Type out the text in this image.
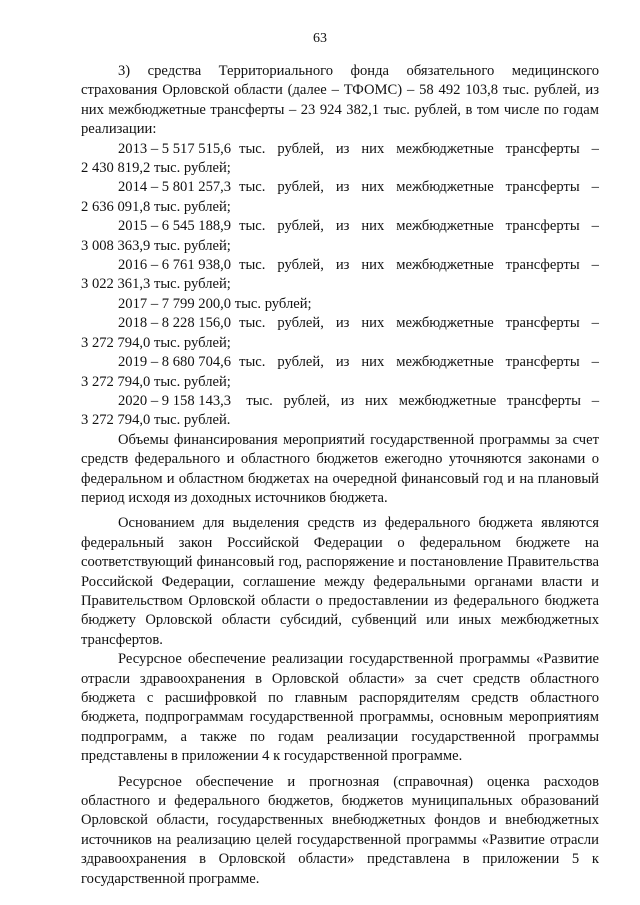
63

3) средства Территориального фонда обязательного медицинского страхования Орловской области (далее – ТФОМС) – 58 492 103,8 тыс. рублей, из них межбюджетные трансферты – 23 924 382,1 тыс. рублей, в том числе по годам реализации:

2013 – 5 517 515,6 тыс. рублей, из них межбюджетные трансферты –

2 430 819,2 тыс. рублей;

2014 – 5 801 257,3 тыс. рублей, из них межбюджетные трансферты –

2 636 091,8 тыс. рублей;

2015 – 6 545 188,9 тыс. рублей, из них межбюджетные трансферты –

3 008 363,9 тыс. рублей;

2016 – 6 761 938,0 тыс. рублей, из них межбюджетные трансферты –

3 022 361,3 тыс. рублей;

2017 – 7 799 200,0 тыс. рублей;
2018 – 8 228 156,0 тыс. рублей, из них межбюджетные трансферты –

3 272 794,0 тыс. рублей;

2019 – 8 680 704,6 тыс. рублей, из них межбюджетные трансферты –

3 272 794,0 тыс. рублей;

2020 – 9 158 143,3 тыс. рублей, из них межбюджетные трансферты –

3 272 794,0 тыс. рублей.

Объемы финансирования мероприятий государственной программы за счет средств федерального и областного бюджетов ежегодно уточняются законами о федеральном и областном бюджетах на очередной финансовый год и на плановый период исходя из доходных источников бюджета.

Основанием для выделения средств из федерального бюджета являются федеральный закон Российской Федерации о федеральном бюджете на соответствующий финансовый год, распоряжение и постановление Правительства Российской Федерации, соглашение между федеральными органами власти и Правительством Орловской области о предоставлении из федерального бюджета бюджету Орловской области субсидий, субвенций или иных межбюджетных трансфертов.

Ресурсное обеспечение реализации государственной программы «Развитие отрасли здравоохранения в Орловской области» за счет средств областного бюджета с расшифровкой по главным распорядителям средств областного бюджета, подпрограммам государственной программы, основным мероприятиям подпрограмм, а также по годам реализации государственной программы представлены в приложении 4 к государственной программе.

Ресурсное обеспечение и прогнозная (справочная) оценка расходов областного и федерального бюджетов, бюджетов муниципальных образований Орловской области, государственных внебюджетных фондов и внебюджетных источников на реализацию целей государственной программы «Развитие отрасли здравоохранения в Орловской области» представлена в приложении 5 к государственной программе.
